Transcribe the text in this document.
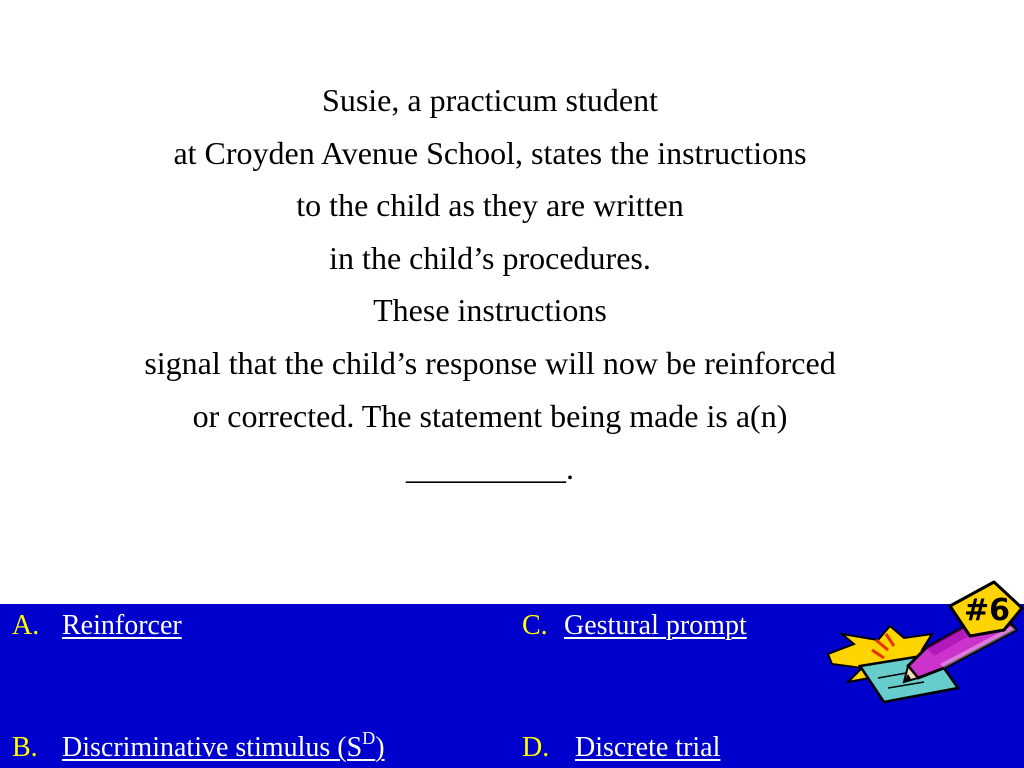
Susie, a practicum student
at Croyden Avenue School, states the instructions
to the child as they are written
in the child’s procedures.
These instructions
signal that the child’s response will now be reinforced
or corrected. The statement being made is a(n)
__________.
A. Reinforcer
B. Discriminative stimulus $(S^D)$
C. Gestural prompt
D. Discrete trial
#6
